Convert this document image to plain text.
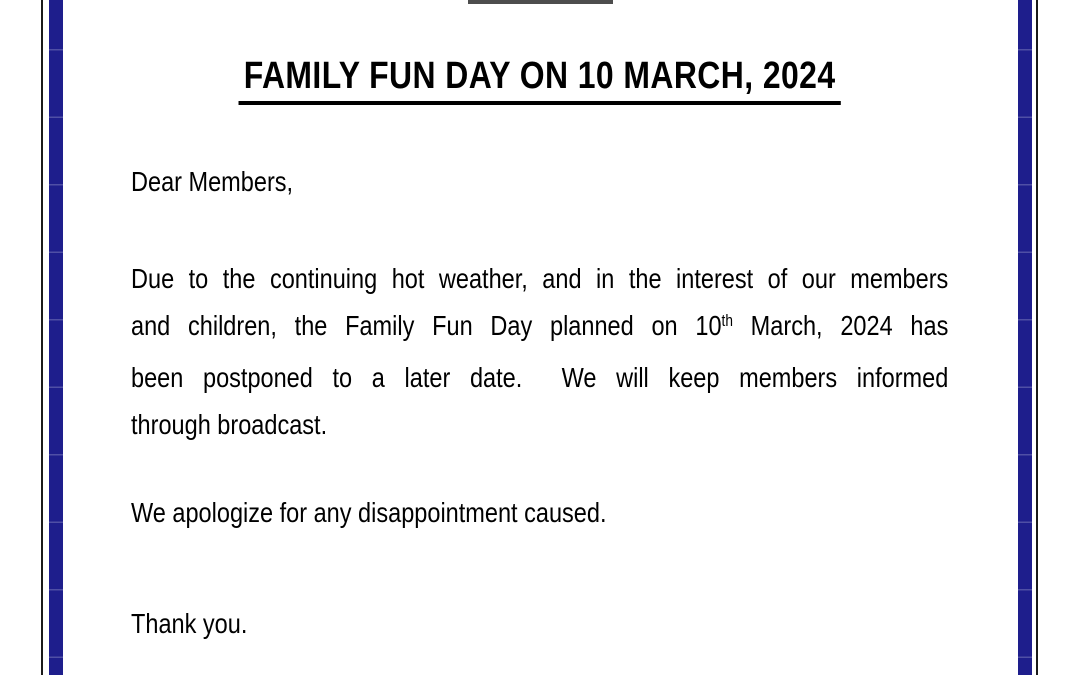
FAMILY FUN DAY ON 10 MARCH, 2024
Dear Members,
Due to the continuing hot weather, and in the interest of our members
and children, the Family Fun Day planned on 10th March, 2024 has
been postponed to a later date.  We will keep members informed
through broadcast.
We apologize for any disappointment caused.
Thank you.
